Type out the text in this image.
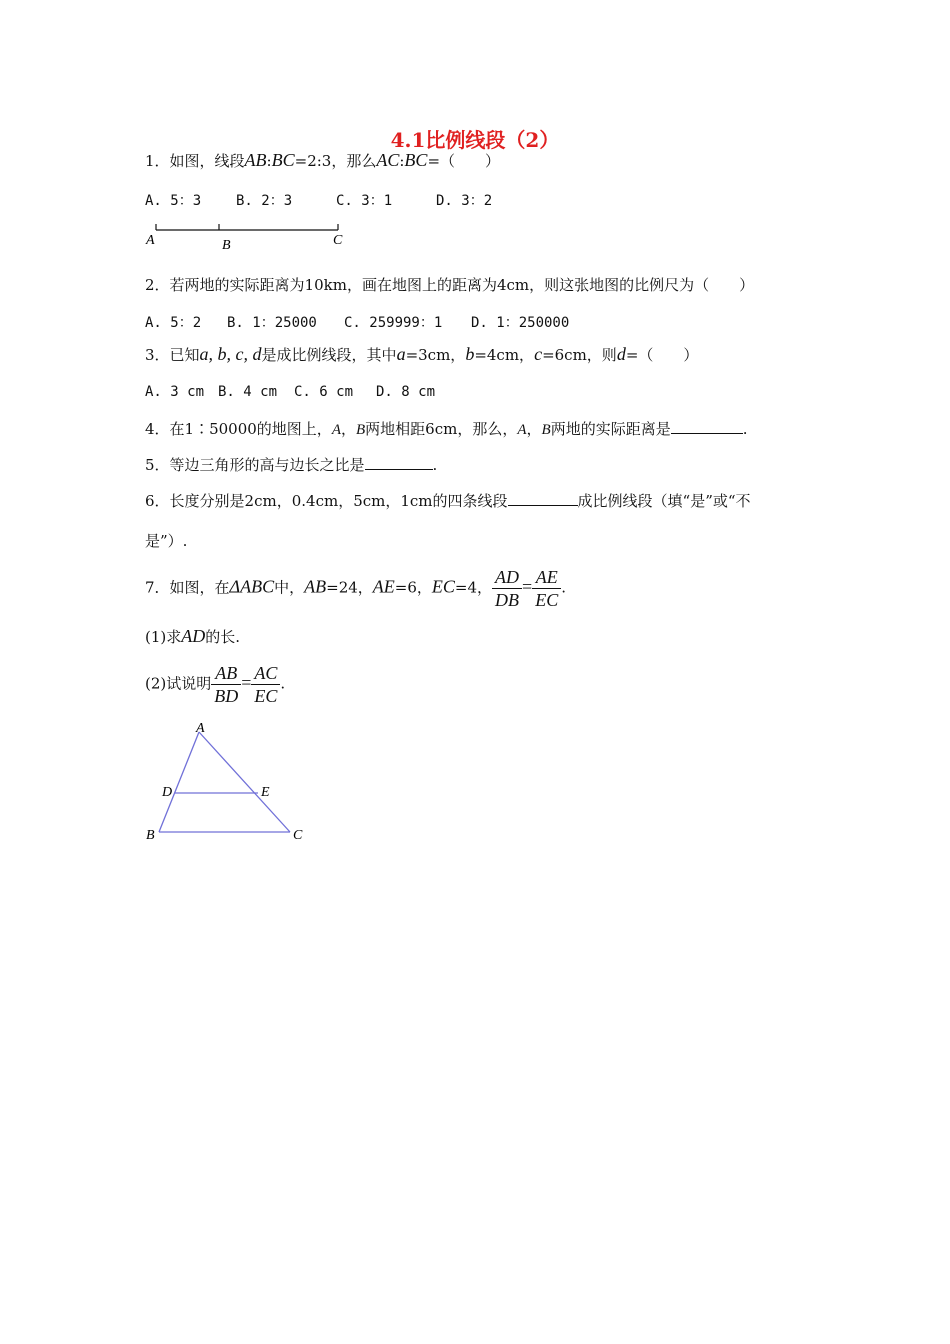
4.1比例线段（2）
1．如图，线段AB:BC=2:3，那么AC:BC=（　　）
A. 5：3 B. 2：3	C. 3：1	D. 3：2
A	B	C
2．若两地的实际距离为10km，画在地图上的距离为4cm，则这张地图的比例尺为（　　）
A. 5：2 B. 1：25000 C. 259999：1 D. 1：250000
3．已知a, b, c, d是成比例线段，其中a=3cm，b=4cm，c=6cm，则d=（　　）
A. 3 cm B. 4 cm C. 6 cm D. 8 cm
4．在1∶50000的地图上，A，B两地相距6cm，那么，A，B两地的实际距离是	.
5．等边三角形的高与边长之比是	.
6．长度分别是2cm，0.4cm，5cm，1cm的四条线段	成比例线段（填“是”或“不
是”）.
7．如图，在ΔABC中，AB=24，AE=6，EC=4， $\frac{AD}{DB} = \frac{AE}{EC}$ .
(1)求AD的长.
(2)试说明 $\frac{AB}{BD} = \frac{AC}{EC}$ .
A
D	E
B	C
